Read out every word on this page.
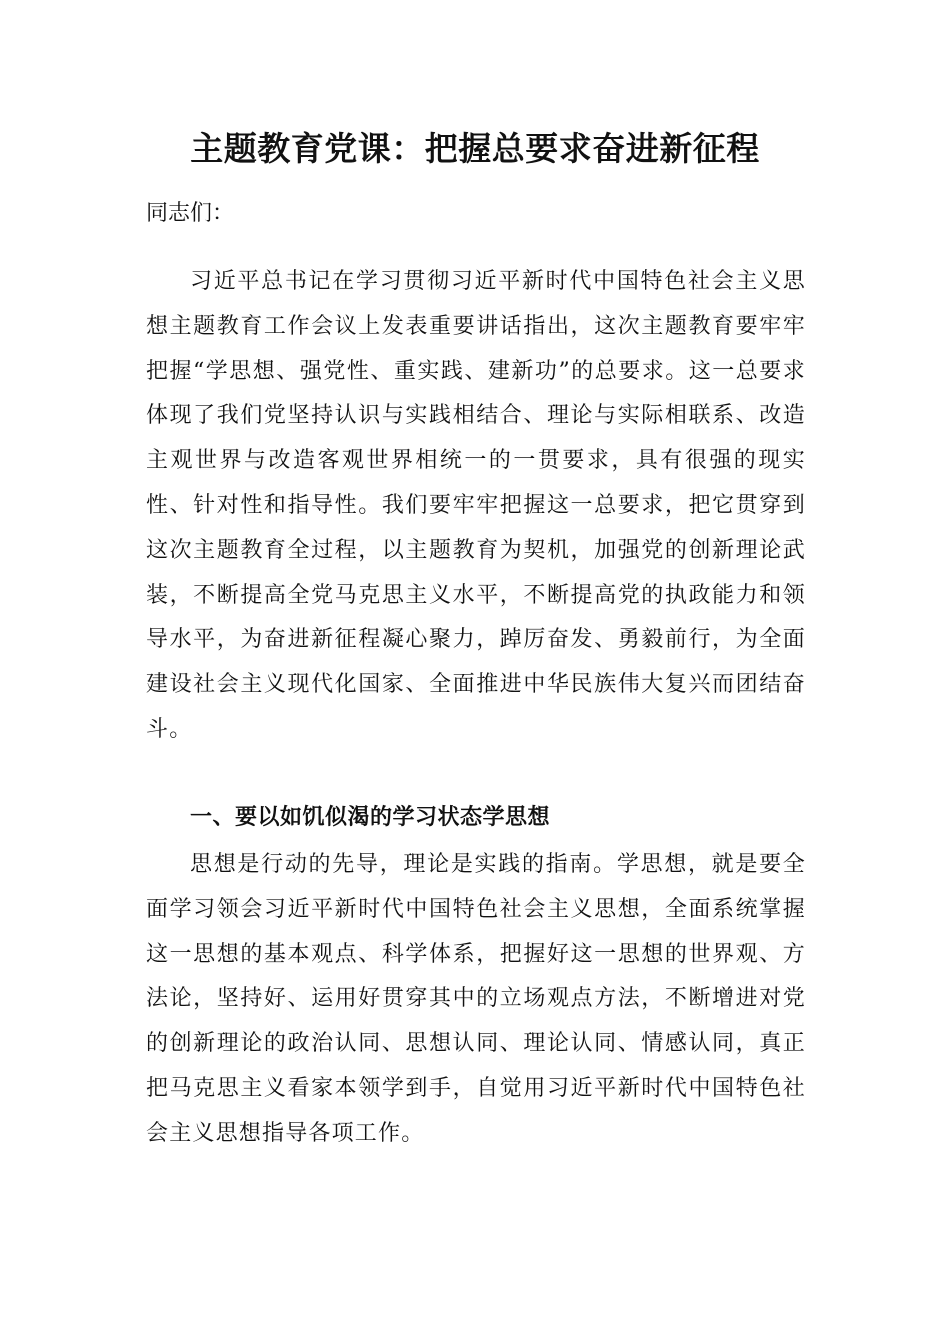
主题教育党课：把握总要求奋进新征程
同志们：

习近平总书记在学习贯彻习近平新时代中国特色社会主义思想主题教育工作会议上发表重要讲话指出，这次主题教育要牢牢把握“学思想、强党性、重实践、建新功”的总要求。这一总要求体现了我们党坚持认识与实践相结合、理论与实际相联系、改造主观世界与改造客观世界相统一的一贯要求，具有很强的现实性、针对性和指导性。我们要牢牢把握这一总要求，把它贯穿到这次主题教育全过程，以主题教育为契机，加强党的创新理论武装，不断提高全党马克思主义水平，不断提高党的执政能力和领导水平，为奋进新征程凝心聚力，踔厉奋发、勇毅前行，为全面建设社会主义现代化国家、全面推进中华民族伟大复兴而团结奋斗。

一、要以如饥似渴的学习状态学思想

思想是行动的先导，理论是实践的指南。学思想，就是要全面学习领会习近平新时代中国特色社会主义思想，全面系统掌握这一思想的基本观点、科学体系，把握好这一思想的世界观、方法论，坚持好、运用好贯穿其中的立场观点方法，不断增进对党的创新理论的政治认同、思想认同、理论认同、情感认同，真正把马克思主义看家本领学到手，自觉用习近平新时代中国特色社会主义思想指导各项工作。
